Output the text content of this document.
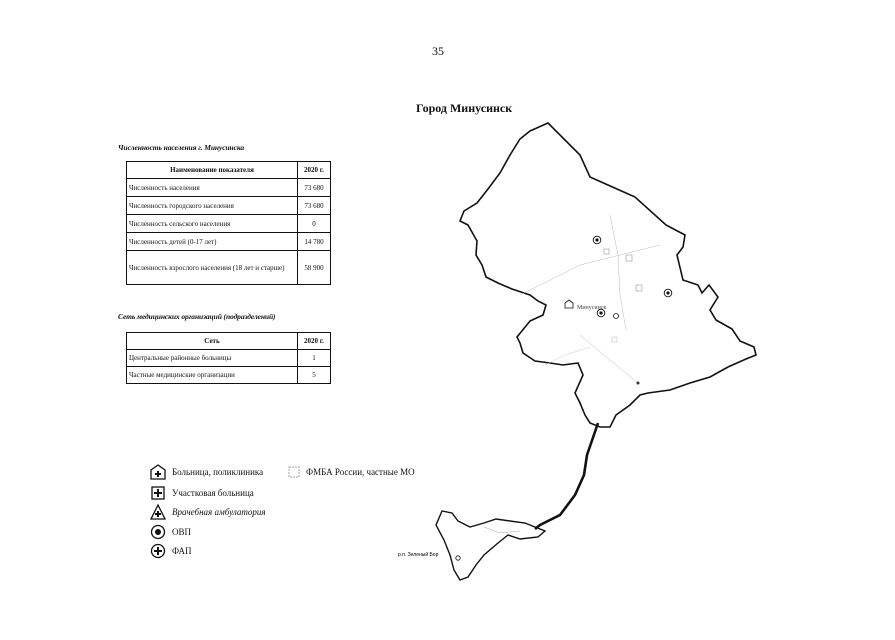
35
Город Минусинск
Численность населения г. Минусинска
Наименование показателя	2020 г.
Численность населения	73 680
Численность городского населения	73 680
Численность сельского населения	0
Численность детей (0-17 лет)	14 780
Численность взрослого населения (18 лет и старше)	58 900
Сеть медицинских организаций (подразделений)
Сеть	2020 г.
Центральные районные больницы	1
Частные медицинские организации	5
Больница, поликлиника	ФМБА России, частные МО
Участковая больница
Врачебная амбулатория
ОВП
ФАП	р.п. Зеленый Бор
Минусинск
